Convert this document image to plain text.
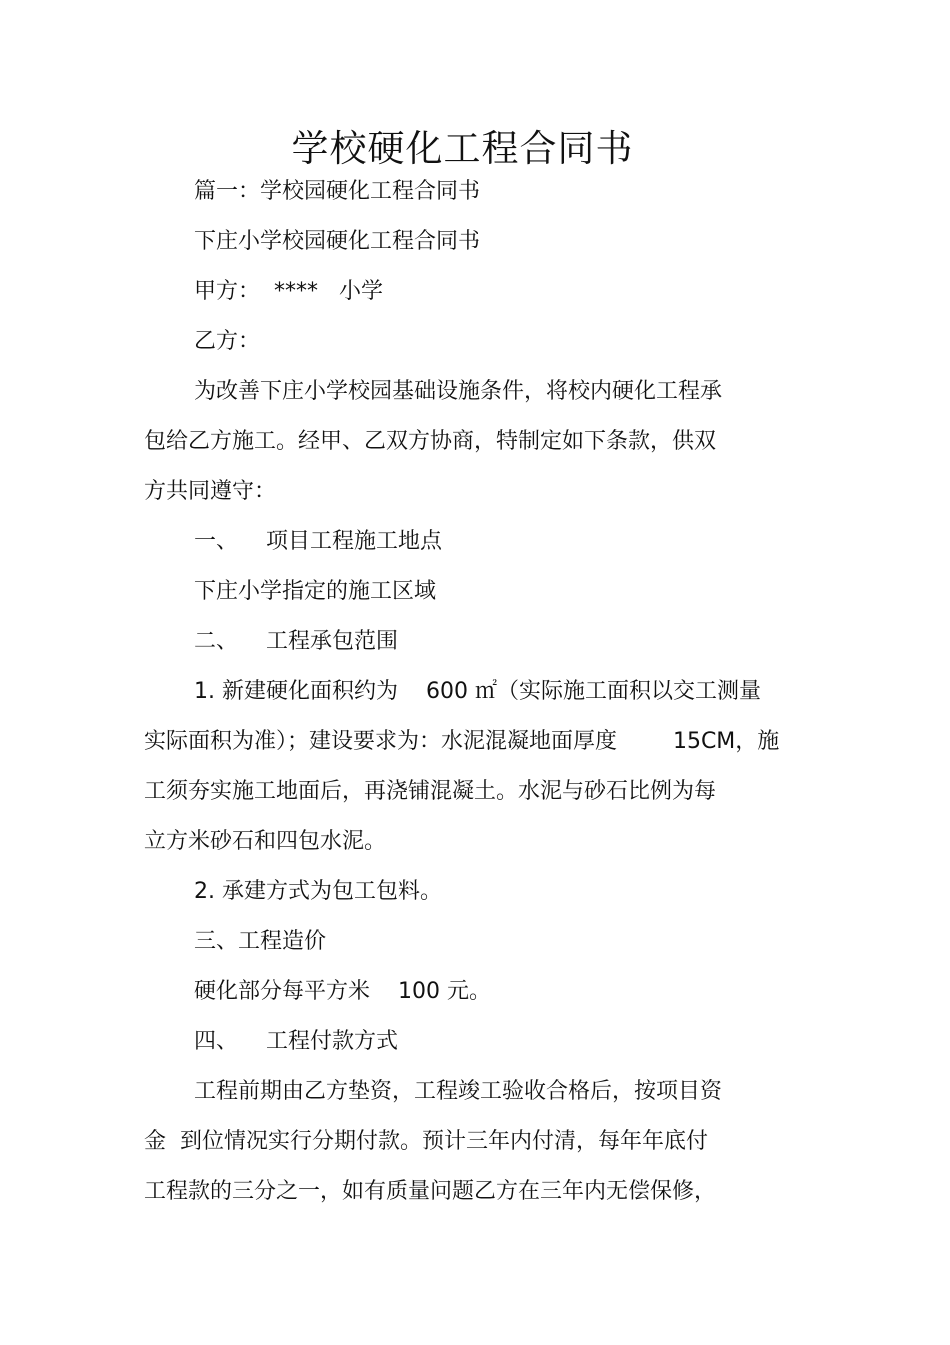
学校硬化工程合同书
篇一：学校园硬化工程合同书
下庄小学校园硬化工程合同书
甲方：  ****   小学
乙方：
为改善下庄小学校园基础设施条件，将校内硬化工程承
包给乙方施工。经甲、乙双方协商，特制定如下条款，供双
方共同遵守：
一、    项目工程施工地点
下庄小学指定的施工区域
二、    工程承包范围
1. 新建硬化面积约为    600 ㎡（实际施工面积以交工测量
实际面积为准）；建设要求为：水泥混凝地面厚度        15CM，施
工须夯实施工地面后，再浇铺混凝土。水泥与砂石比例为每
立方米砂石和四包水泥。
2. 承建方式为包工包料。
三、工程造价
硬化部分每平方米    100 元。
四、    工程付款方式
工程前期由乙方垫资，工程竣工验收合格后，按项目资
金  到位情况实行分期付款。预计三年内付清，每年年底付
工程款的三分之一，如有质量问题乙方在三年内无偿保修，
